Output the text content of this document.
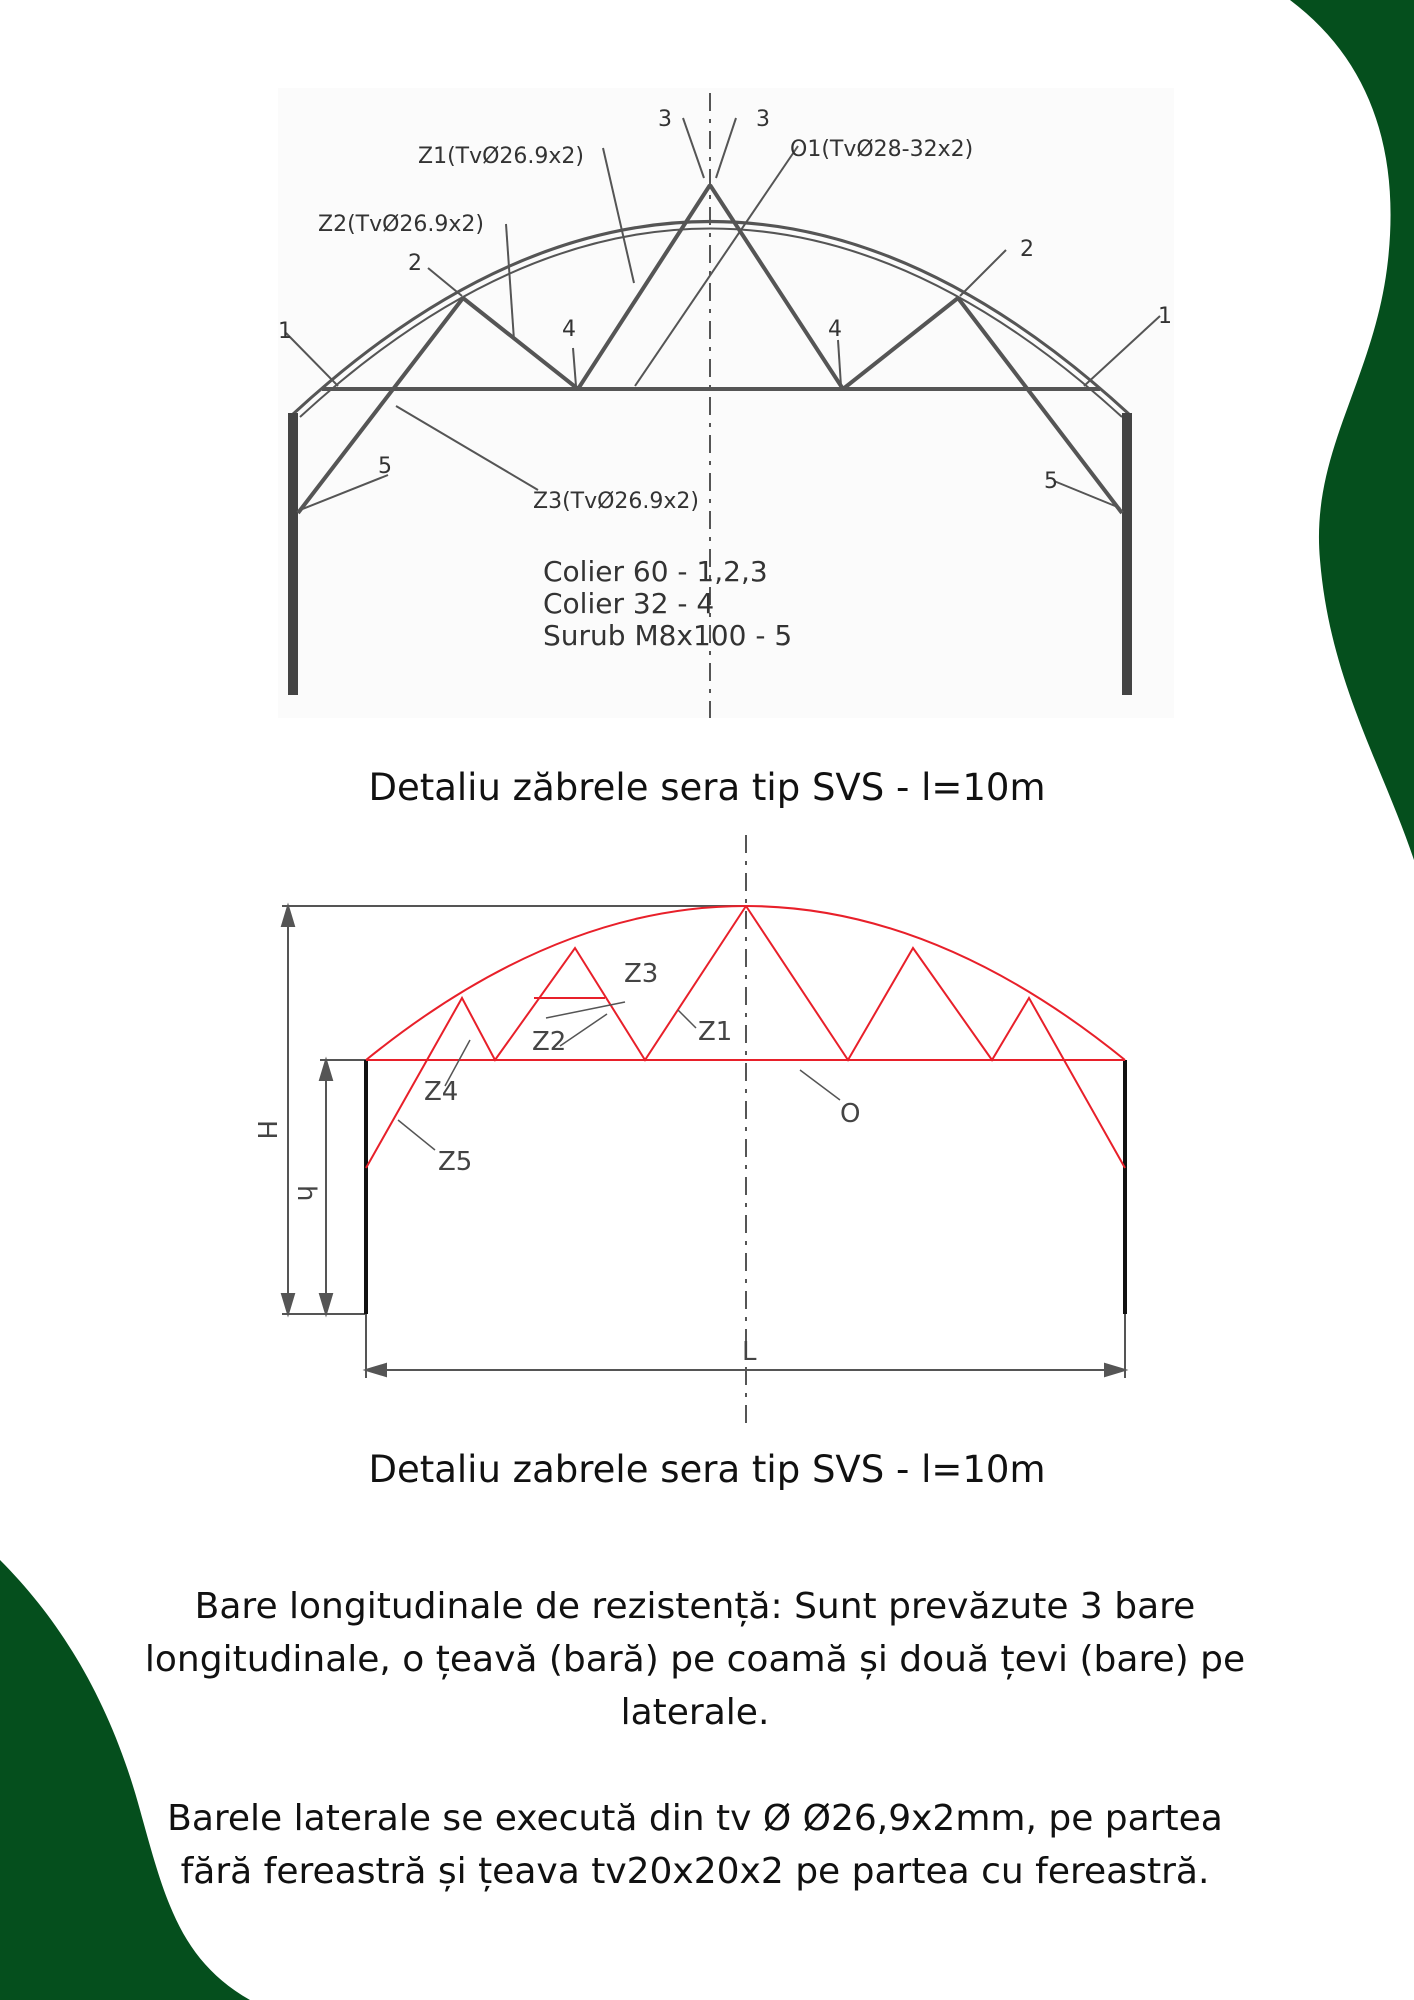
Z1(TvØ26.9x2)
Z2(TvØ26.9x2)
O1(TvØ28-32x2)
Z3(TvØ26.9x2)
3	3
2
2
1
1
4	4
5
5
Colier 60 - 1,2,3
Colier 32 - 4
Surub M8x100 - 5
Detaliu zăbrele sera tip SVS - l=10m
H
h
L
Z3
Z2	Z1
Z4
Z5
O
Detaliu zabrele sera tip SVS - l=10m
Bare longitudinale de rezistență: Sunt prevăzute 3 bare longitudinale, o țeavă (bară) pe coamă și două țevi (bare) pe laterale.
Barele laterale se execută din tv Ø Ø26,9x2mm, pe partea fără fereastră și țeava tv20x20x2 pe partea cu fereastră.
